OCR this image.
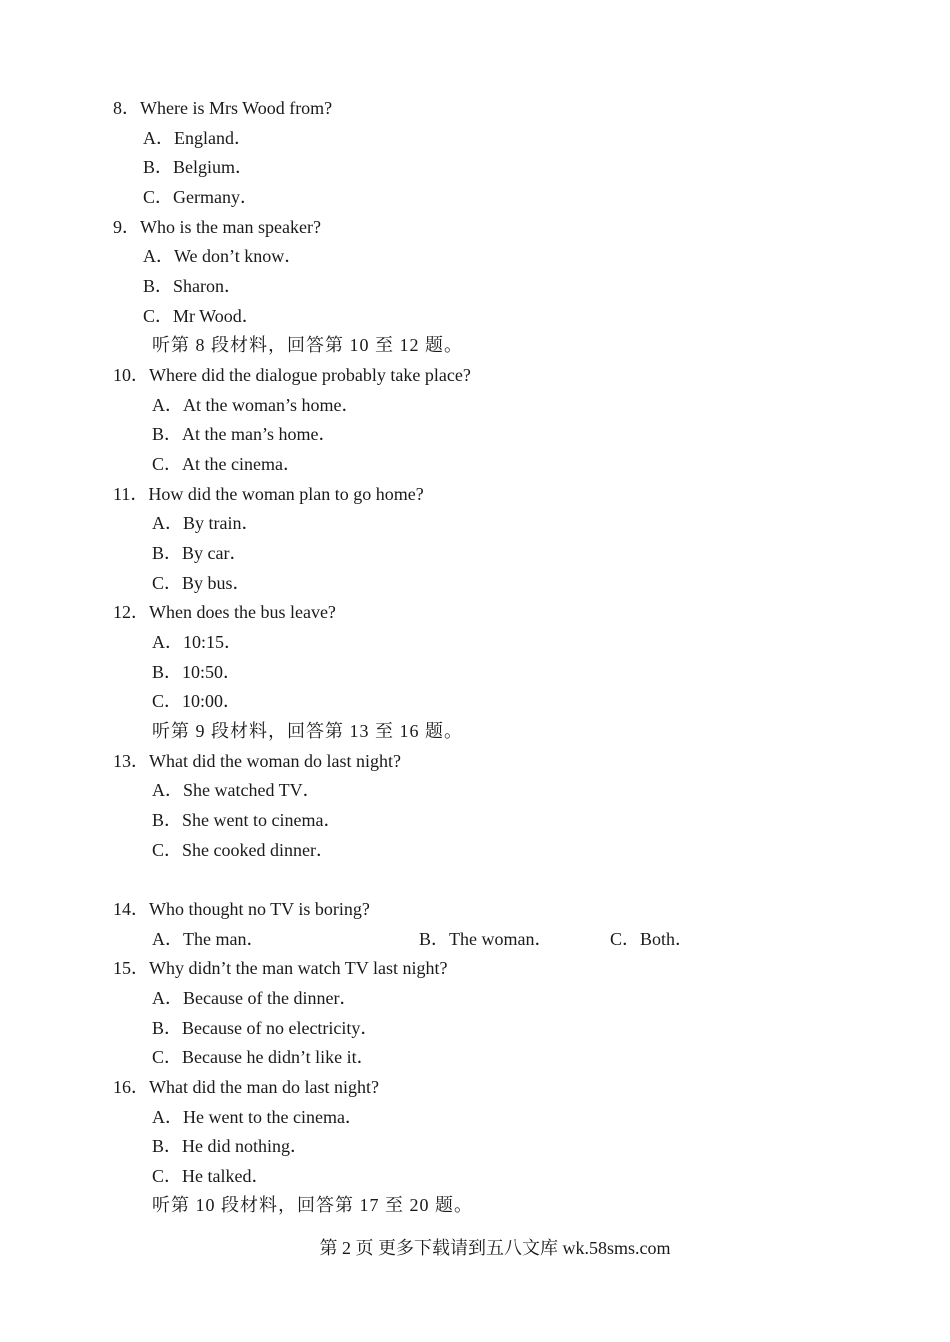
8．Where is Mrs Wood from?
A．England．
B．Belgium．
C．Germany．
9．Who is the man speaker?
A．We don’t know．
B．Sharon．
C．Mr Wood．
听第 8 段材料，回答第 10 至 12 题。
10．Where did the dialogue probably take place?
A．At the woman’s home．
B．At the man’s home．
C．At the cinema．
11．How did the woman plan to go home?
A．By train．
B．By car．
C．By bus．
12．When does the bus leave?
A．10:15．
B．10:50．
C．10:00．
听第 9 段材料，回答第 13 至 16 题。
13．What did the woman do last night?
A．She watched TV．
B．She went to cinema．
C．She cooked dinner．
14．Who thought no TV is boring?
A．The man．	B．The woman．	C．Both．
15．Why didn’t the man watch TV last night?
A．Because of the dinner．
B．Because of no electricity．
C．Because he didn’t like it．
16．What did the man do last night?
A．He went to the cinema．
B．He did nothing．
C．He talked．
听第 10 段材料，回答第 17 至 20 题。
第 2 页 更多下载请到五八文库 wk.58sms.com
